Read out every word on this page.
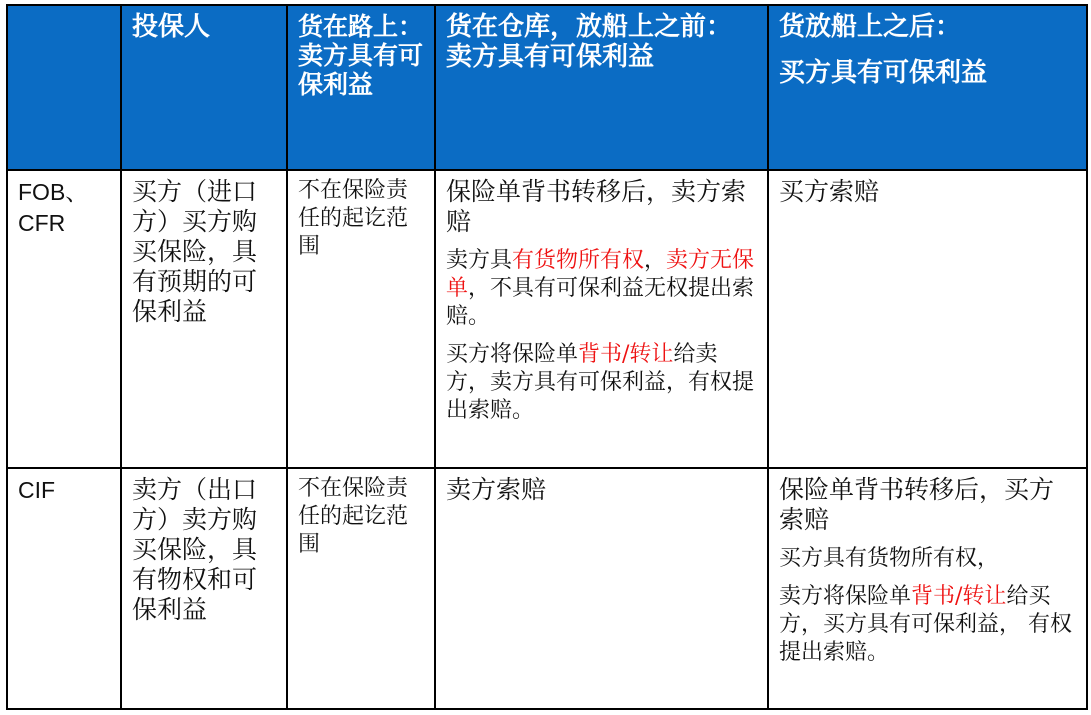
	投保人	货在路上：卖方具有可保利益	货在仓库，放船上之前：卖方具有可保利益	货放船上之后：
买方具有可保利益

FOB、CFR	买方（进口方）买方购买保险，具有预期的可保利益	不在保险责任的起讫范围	保险单背书转移后，卖方索赔

卖方具有货物所有权，卖方无保单，不具有可保利益无权提出索赔。

买方将保险单背书/转让给卖方，卖方具有可保利益，有权提出索赔。	买方索赔
CIF	卖方（出口方）卖方购买保险，具有物权和可保利益	不在保险责任的起讫范围	卖方索赔	保险单背书转移后，买方索赔

买方具有货物所有权，

卖方将保险单背书/转让给买方，买方具有可保利益， 有权提出索赔。
